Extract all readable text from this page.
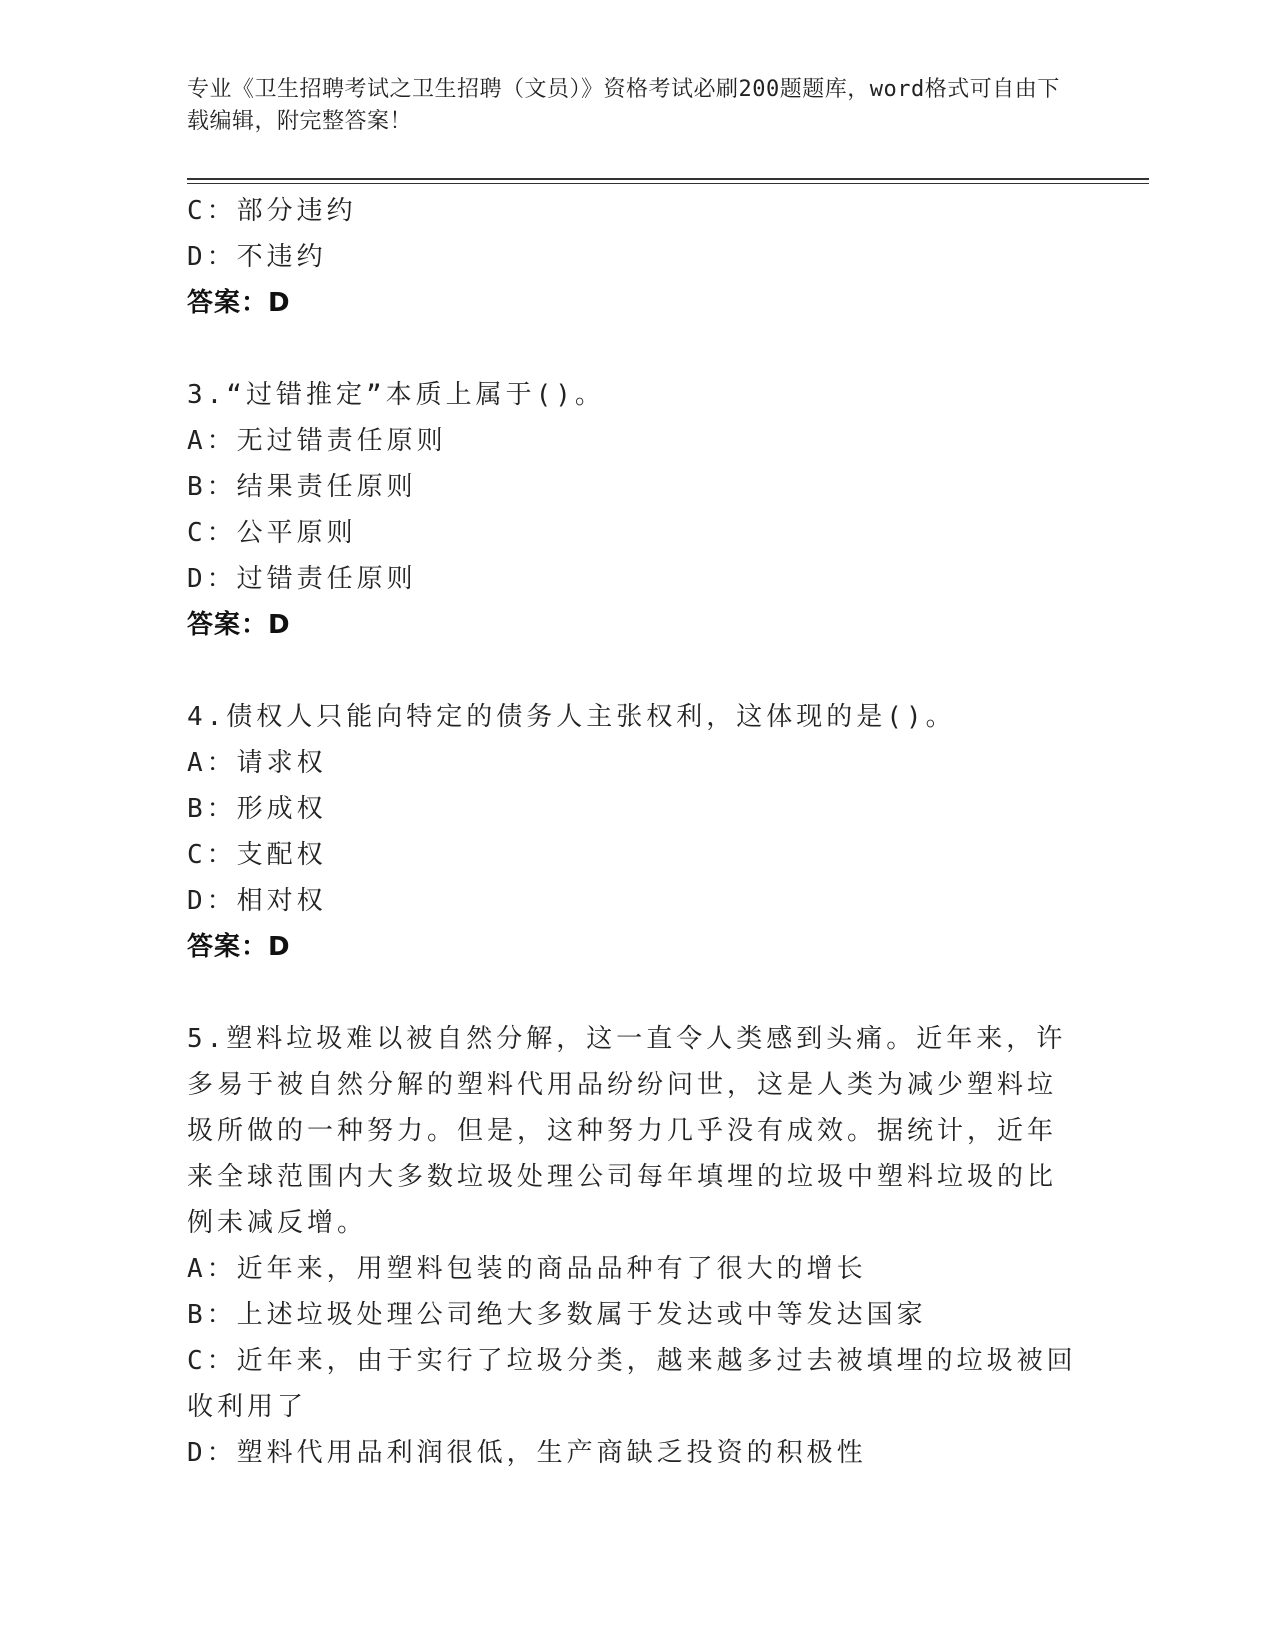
专业《卫生招聘考试之卫生招聘（文员）》资格考试必刷200题题库，word格式可自由下载编辑，附完整答案！
C：部分违约
D：不违约
答案：D
3.“过错推定”本质上属于()。
A：无过错责任原则
B：结果责任原则
C：公平原则
D：过错责任原则
答案：D
4.债权人只能向特定的债务人主张权利，这体现的是()。
A：请求权
B：形成权
C：支配权
D：相对权
答案：D
5.塑料垃圾难以被自然分解，这一直令人类感到头痛。近年来，许多易于被自然分解的塑料代用品纷纷问世，这是人类为减少塑料垃圾所做的一种努力。但是，这种努力几乎没有成效。据统计，近年来全球范围内大多数垃圾处理公司每年填埋的垃圾中塑料垃圾的比例未减反增。
A：近年来，用塑料包装的商品品种有了很大的增长
B：上述垃圾处理公司绝大多数属于发达或中等发达国家
C：近年来，由于实行了垃圾分类，越来越多过去被填埋的垃圾被回收利用了
D：塑料代用品利润很低，生产商缺乏投资的积极性
